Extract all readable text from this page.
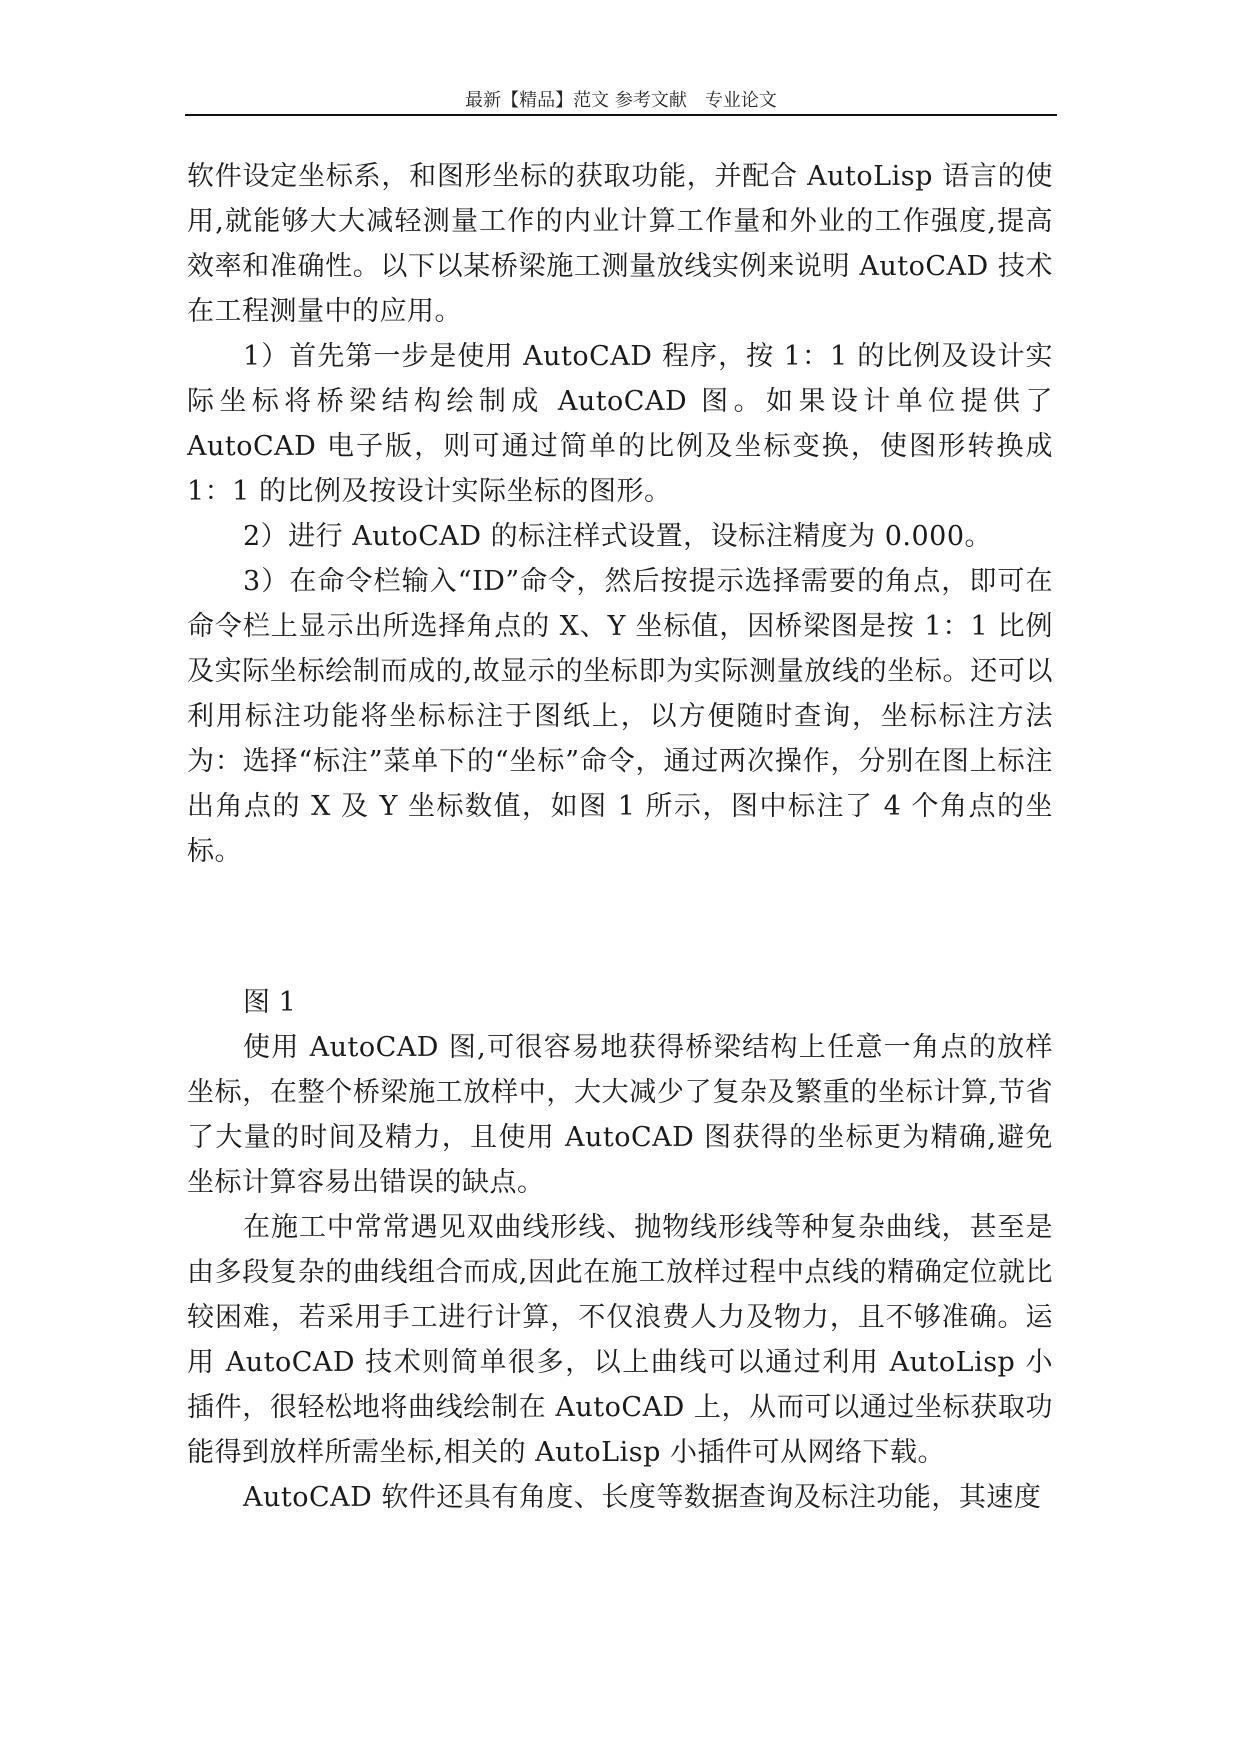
最新【精品】范文 参考文献　专业论文

软件设定坐标系，和图形坐标的获取功能，并配合 AutoLisp 语言的使用,就能够大大减轻测量工作的内业计算工作量和外业的工作强度,提高效率和准确性。以下以某桥梁施工测量放线实例来说明 AutoCAD 技术在工程测量中的应用。

1）首先第一步是使用 AutoCAD 程序，按 1：1 的比例及设计实际坐标将桥梁结构绘制成 AutoCAD 图。如果设计单位提供了 AutoCAD 电子版，则可通过简单的比例及坐标变换，使图形转换成 1：1 的比例及按设计实际坐标的图形。

2）进行 AutoCAD 的标注样式设置，设标注精度为 0.000。

3）在命令栏输入“ID”命令，然后按提示选择需要的角点，即可在命令栏上显示出所选择角点的 X、Y 坐标值，因桥梁图是按 1：1 比例及实际坐标绘制而成的,故显示的坐标即为实际测量放线的坐标。还可以利用标注功能将坐标标注于图纸上，以方便随时查询，坐标标注方法为：选择“标注”菜单下的“坐标”命令，通过两次操作，分别在图上标注出角点的 X 及 Y 坐标数值，如图 1 所示，图中标注了 4 个角点的坐标。

图 1

使用 AutoCAD 图,可很容易地获得桥梁结构上任意一角点的放样坐标，在整个桥梁施工放样中，大大减少了复杂及繁重的坐标计算,节省了大量的时间及精力，且使用 AutoCAD 图获得的坐标更为精确,避免坐标计算容易出错误的缺点。

在施工中常常遇见双曲线形线、抛物线形线等种复杂曲线，甚至是由多段复杂的曲线组合而成,因此在施工放样过程中点线的精确定位就比较困难，若采用手工进行计算，不仅浪费人力及物力，且不够准确。运用 AutoCAD 技术则简单很多，以上曲线可以通过利用 AutoLisp 小插件，很轻松地将曲线绘制在 AutoCAD 上，从而可以通过坐标获取功能得到放样所需坐标,相关的 AutoLisp 小插件可从网络下载。

AutoCAD 软件还具有角度、长度等数据查询及标注功能，其速度
